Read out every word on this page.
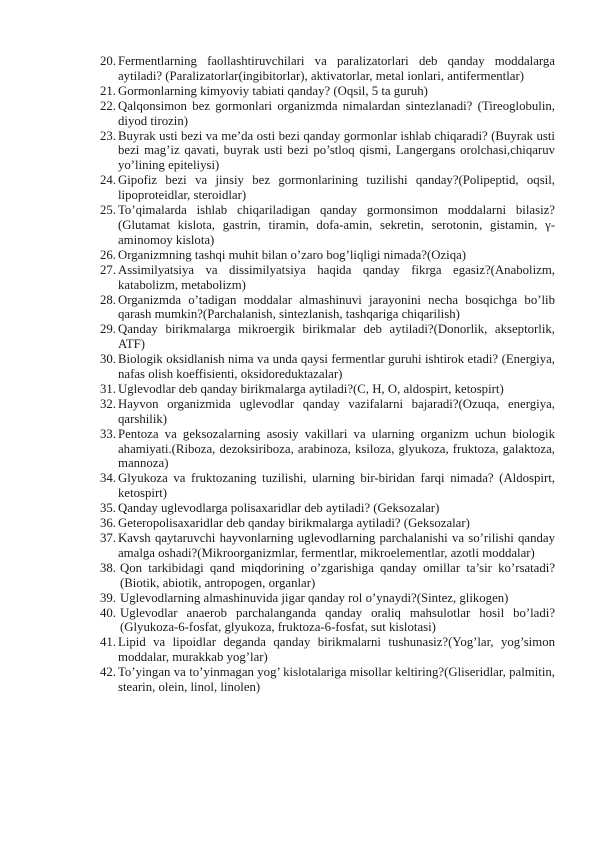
20. Fermentlarning faollashtiruvchilari va paralizatorlari deb qanday moddalarga aytiladi? (Paralizatorlar(ingibitorlar), aktivatorlar, metal ionlari, antifermentlar)
21. Gormonlarning kimyoviy tabiati qanday? (Oqsil, 5 ta guruh)
22. Qalqonsimon bez gormonlari organizmda nimalardan sintezlanadi? (Tireoglobulin, diyod tirozin)
23. Buyrak usti bezi va me’da osti bezi qanday gormonlar ishlab chiqaradi? (Buyrak usti bezi mag’iz qavati, buyrak usti bezi po’stloq qismi, Langergans orolchasi,chiqaruv yo’lining epiteliysi)
24. Gipofiz bezi va jinsiy bez gormonlarining tuzilishi qanday?(Polipeptid, oqsil, lipoproteidlar, steroidlar)
25. To’qimalarda ishlab chiqariladigan qanday gormonsimon moddalarni bilasiz? (Glutamat kislota, gastrin, tiramin, dofa-amin, sekretin, serotonin, gistamin, γ-aminomoy kislota)
26. Organizmning tashqi muhit bilan o’zaro bog’liqligi nimada?(Oziqa)
27. Assimilyatsiya va dissimilyatsiya haqida qanday fikrga egasiz?(Anabolizm, katabolizm, metabolizm)
28. Organizmda o’tadigan moddalar almashinuvi jarayonini necha bosqichga bo’lib qarash mumkin?(Parchalanish, sintezlanish, tashqariga chiqarilish)
29. Qanday birikmalarga mikroergik birikmalar deb aytiladi?(Donorlik, akseptorlik, ATF)
30. Biologik oksidlanish nima va unda qaysi fermentlar guruhi ishtirok etadi? (Energiya, nafas olish koeffisienti, oksidoreduktazalar)
31. Uglevodlar deb qanday birikmalarga aytiladi?(C, H, O, aldospirt, ketospirt)
32. Hayvon organizmida uglevodlar qanday vazifalarni bajaradi?(Ozuqa, energiya, qarshilik)
33. Pentoza va geksozalarning asosiy vakillari va ularning organizm uchun biologik ahamiyati.(Riboza, dezoksiriboza, arabinoza, ksiloza, glyukoza, fruktoza, galaktoza, mannoza)
34. Glyukoza va fruktozaning tuzilishi, ularning bir-biridan farqi nimada? (Aldospirt, ketospirt)
35. Qanday uglevodlarga polisaxaridlar deb aytiladi? (Geksozalar)
36. Geteropolisaxaridlar deb qanday birikmalarga aytiladi? (Geksozalar)
37. Kavsh qaytaruvchi hayvonlarning uglevodlarning parchalanishi va so’rilishi qanday amalga oshadi?(Mikroorganizmlar, fermentlar, mikroelementlar, azotli moddalar)
38. Qon tarkibidagi qand miqdorining o’zgarishiga qanday omillar ta’sir ko’rsatadi?(Biotik, abiotik, antropogen, organlar)
39. Uglevodlarning almashinuvida jigar qanday rol o’ynaydi?(Sintez, glikogen)
40. Uglevodlar anaerob parchalanganda qanday oraliq mahsulotlar hosil bo’ladi? (Glyukoza-6-fosfat, glyukoza, fruktoza-6-fosfat, sut kislotasi)
41. Lipid va lipoidlar deganda qanday birikmalarni tushunasiz?(Yog’lar, yog’simon moddalar, murakkab yog’lar)
42. To’yingan va to’yinmagan yog’ kislotalariga misollar keltiring?(Gliseridlar, palmitin, stearin, olein, linol, linolen)
